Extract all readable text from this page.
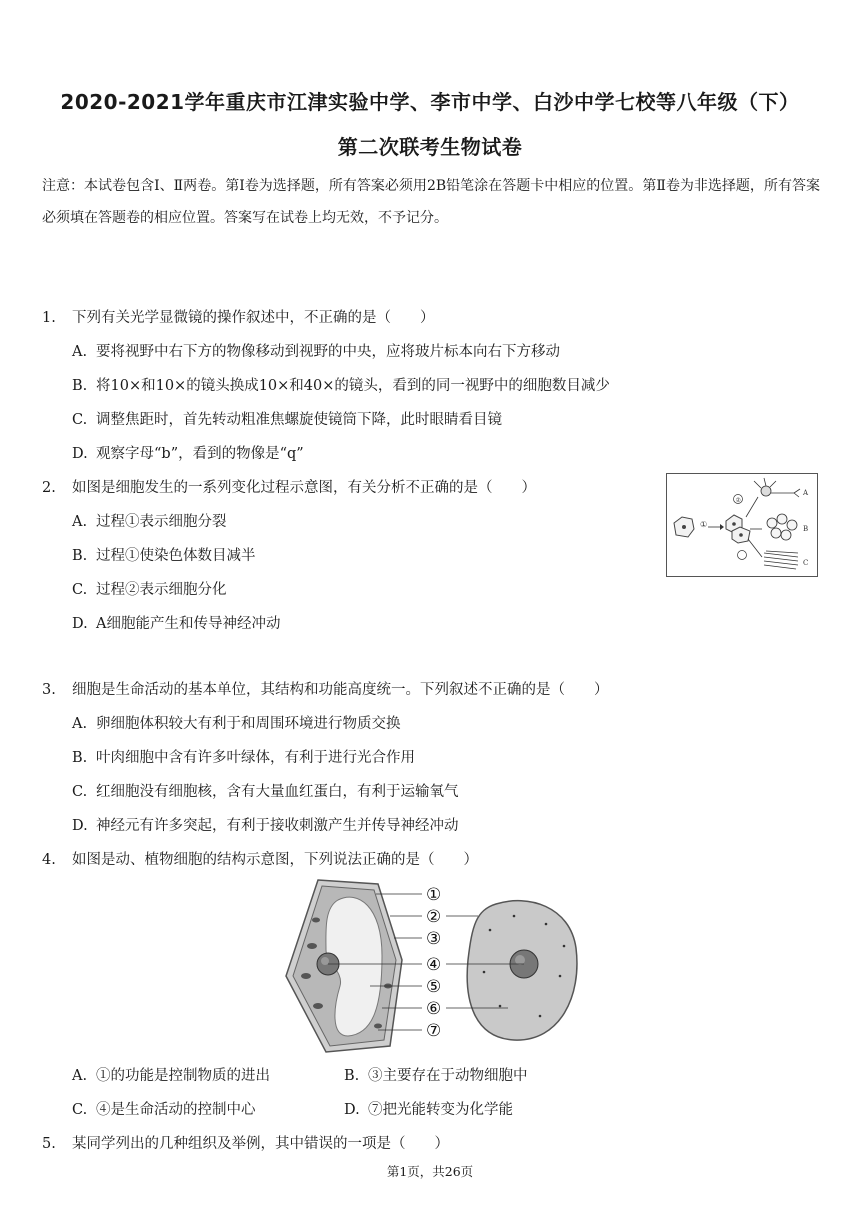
2020-2021学年重庆市江津实验中学、李市中学、白沙中学七校等八年级（下）
第二次联考生物试卷
注意：本试卷包含Ⅰ、Ⅱ两卷。第Ⅰ卷为选择题，所有答案必须用2B铅笔涂在答题卡中相应的位置。第Ⅱ卷为非选择题，所有答案必须填在答题卷的相应位置。答案写在试卷上均无效，不予记分。
1. 下列有关光学显微镜的操作叙述中，不正确的是（　　）
A. 要将视野中右下方的物像移动到视野的中央，应将玻片标本向右下方移动
B. 将10×和10×的镜头换成10×和40×的镜头，看到的同一视野中的细胞数目减少
C. 调整焦距时，首先转动粗准焦螺旋使镜筒下降，此时眼睛看目镜
D. 观察字母“b”，看到的物像是“q”
2. 如图是细胞发生的一系列变化过程示意图，有关分析不正确的是（　　）
A. 过程①表示细胞分裂
B. 过程①使染色体数目减半
C. 过程②表示细胞分化
D. A细胞能产生和传导神经冲动
①
②
A
B
C
3. 细胞是生命活动的基本单位，其结构和功能高度统一。下列叙述不正确的是（　　）
A. 卵细胞体积较大有利于和周围环境进行物质交换
B. 叶肉细胞中含有许多叶绿体，有利于进行光合作用
C. 红细胞没有细胞核，含有大量血红蛋白，有利于运输氧气
D. 神经元有许多突起，有利于接收刺激产生并传导神经冲动
4. 如图是动、植物细胞的结构示意图，下列说法正确的是（　　）
①
②
③
④
⑤
⑥
⑦
A. ①的功能是控制物质的进出	B. ③主要存在于动物细胞中
C. ④是生命活动的控制中心	D. ⑦把光能转变为化学能
5. 某同学列出的几种组织及举例，其中错误的一项是（　　）
第1页，共26页
